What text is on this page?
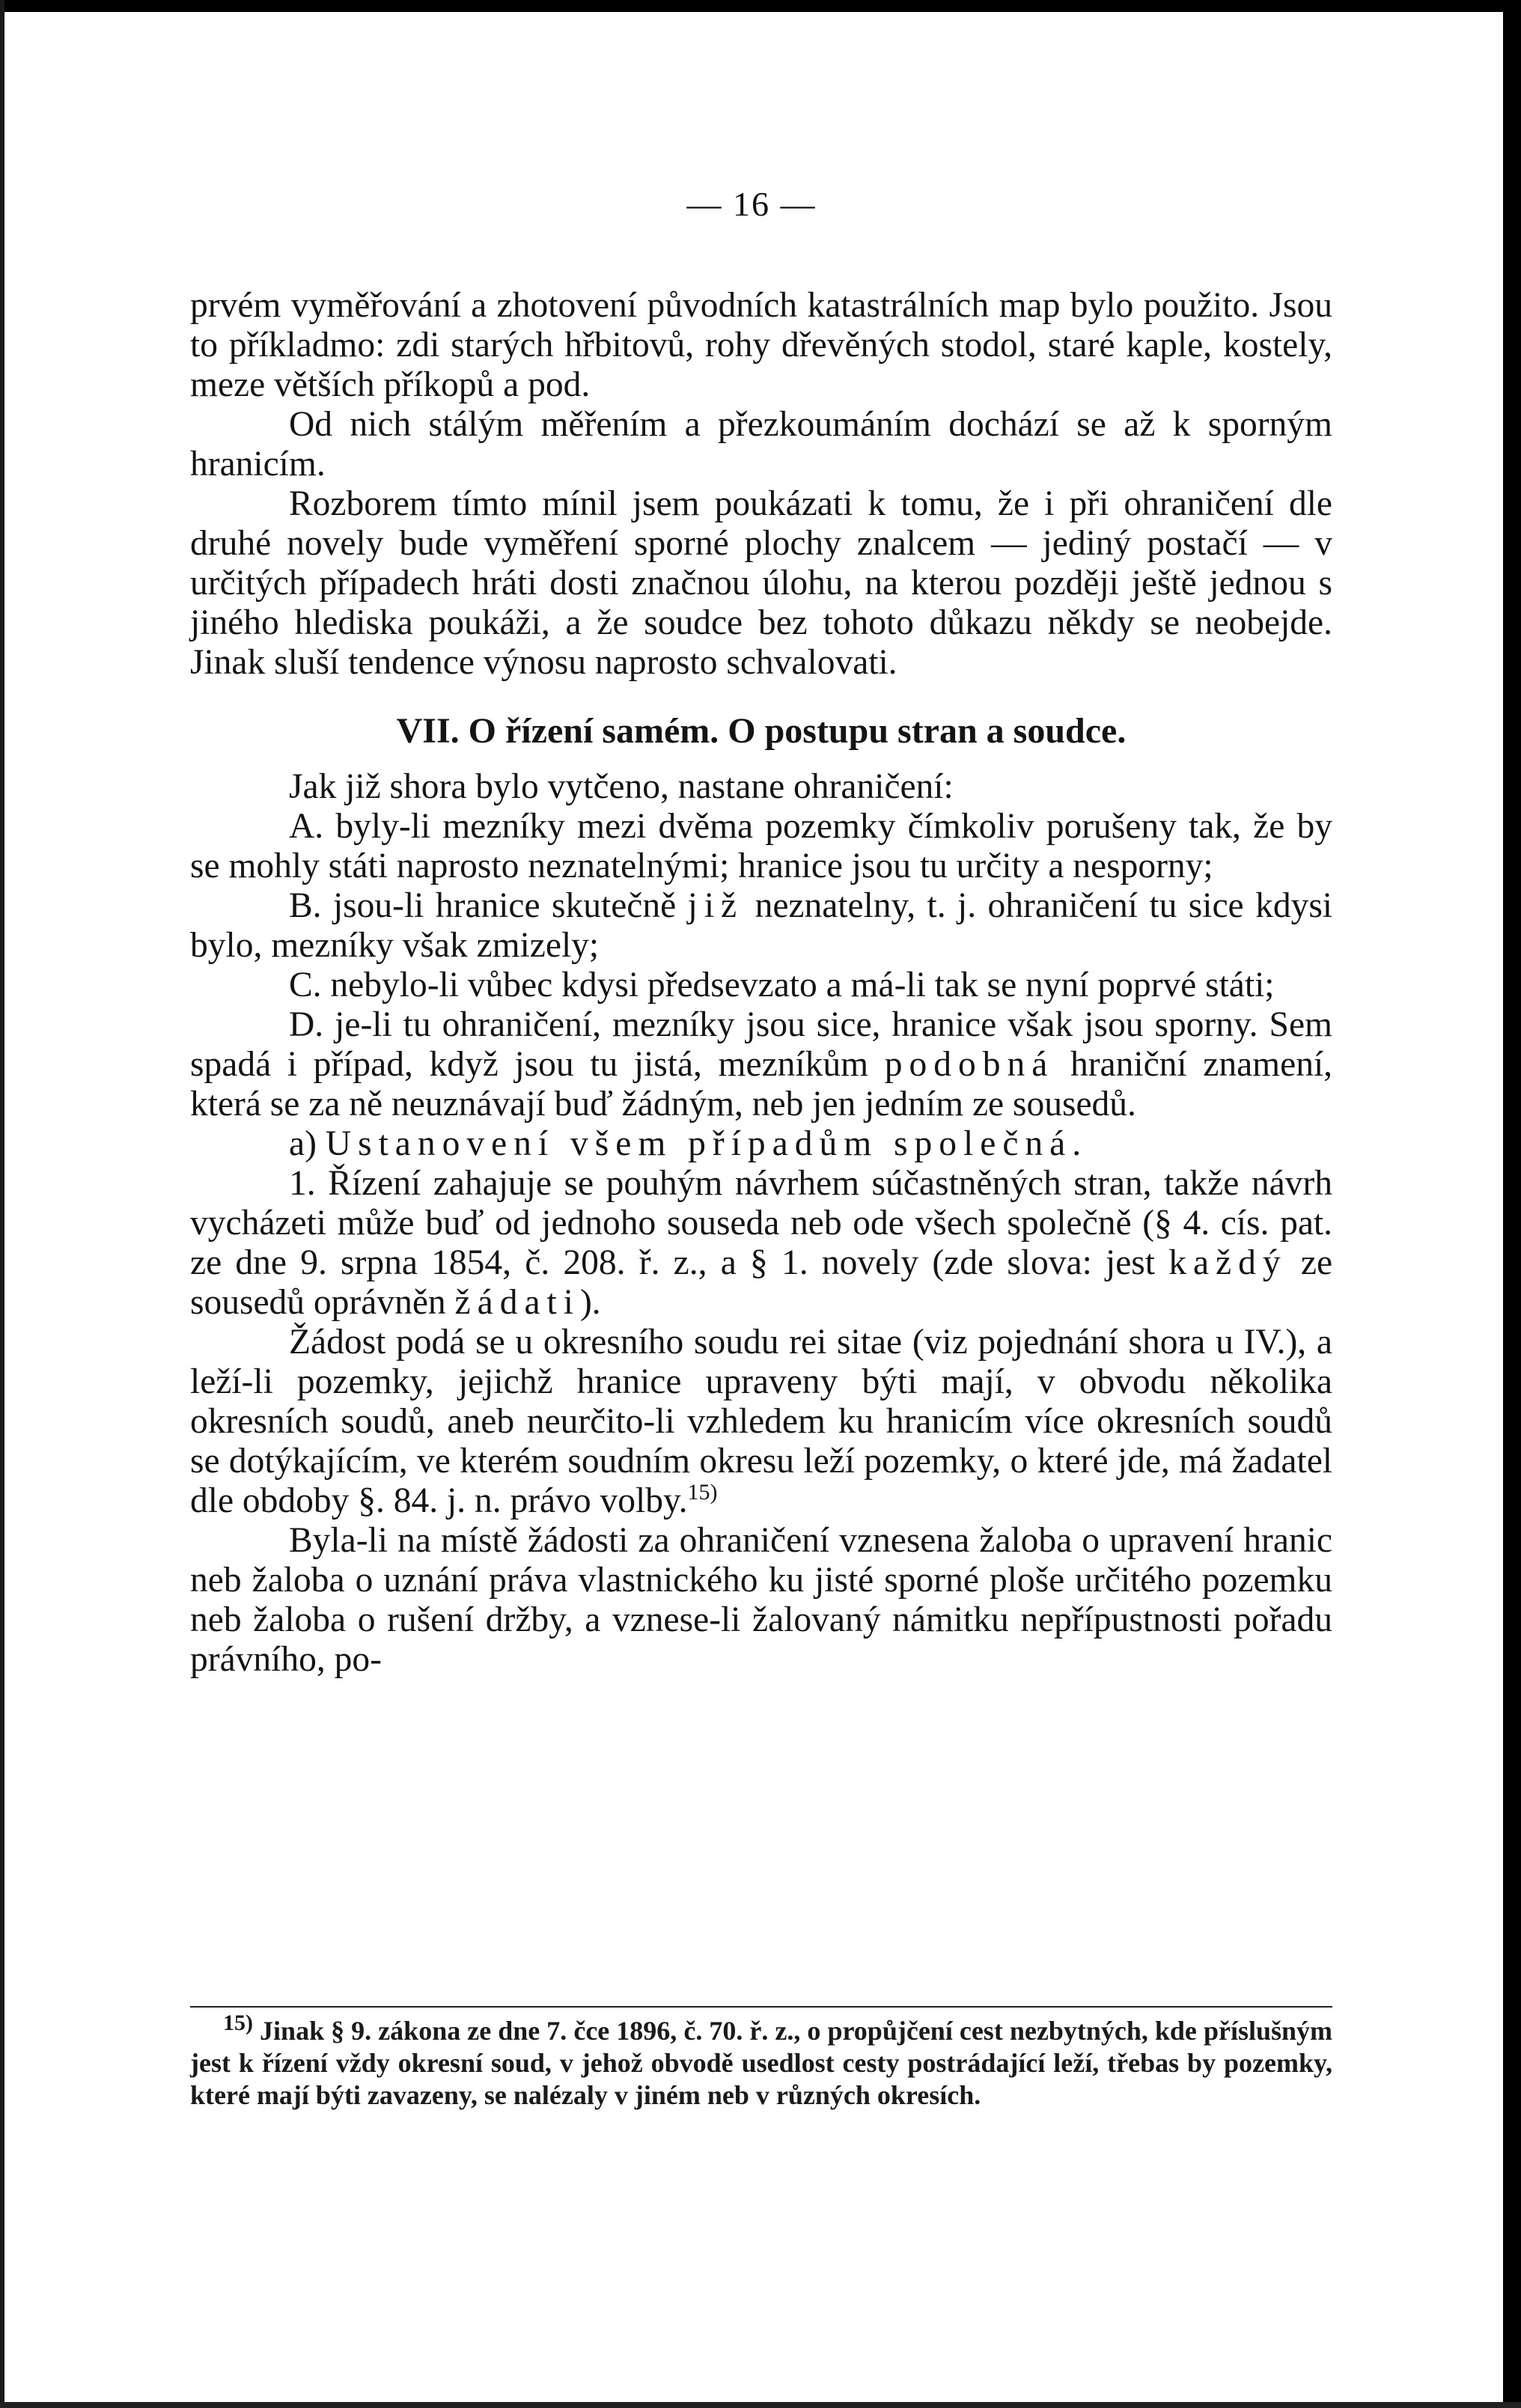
— 16 —

prvém vyměřování a zhotovení původních katastrálních map bylo použito. Jsou to příkladmo: zdi starých hřbitovů, rohy dřevěných stodol, staré kaple, kostely, meze větších příkopů a pod.

Od nich stálým měřením a přezkoumáním dochází se až k sporným hranicím.

Rozborem tímto mínil jsem poukázati k tomu, že i při ohraničení dle druhé novely bude vyměření sporné plochy znalcem — jediný postačí — v určitých případech hráti dosti značnou úlohu, na kterou později ještě jednou s jiného hlediska poukáži, a že soudce bez tohoto důkazu někdy se neobejde. Jinak sluší tendence výnosu naprosto schvalovati.

VII. O řízení samém. O postupu stran a soudce.

Jak již shora bylo vytčeno, nastane ohraničení:

A. byly-li mezníky mezi dvěma pozemky čímkoliv porušeny tak, že by se mohly státi naprosto neznatelnými; hranice jsou tu určity a nesporny;

B. jsou-li hranice skutečně již neznatelny, t. j. ohraničení tu sice kdysi bylo, mezníky však zmizely;

C. nebylo-li vůbec kdysi předsevzato a má-li tak se nyní poprvé státi;

D. je-li tu ohraničení, mezníky jsou sice, hranice však jsou sporny. Sem spadá i případ, když jsou tu jistá, mezníkům podobná hraniční znamení, která se za ně neuznávají buď žádným, neb jen jedním ze sousedů.

a) Ustanovení všem případům společná.

1. Řízení zahajuje se pouhým návrhem súčastněných stran, takže návrh vycházeti může buď od jednoho souseda neb ode všech společně (§ 4. cís. pat. ze dne 9. srpna 1854, č. 208. ř. z., a § 1. novely (zde slova: jest každý ze sousedů oprávněn žádati).

Žádost podá se u okresního soudu rei sitae (viz pojednání shora u IV.), a leží-li pozemky, jejichž hranice upraveny býti mají, v obvodu několika okresních soudů, aneb neurčito-li vzhledem ku hranicím více okresních soudů se dotýkajícím, ve kterém soudním okresu leží pozemky, o které jde, má žadatel dle obdoby §. 84. j. n. právo volby.$^{15)}$

Byla-li na místě žádosti za ohraničení vznesena žaloba o upravení hranic neb žaloba o uznání práva vlastnického ku jisté sporné ploše určitého pozemku neb žaloba o rušení držby, a vznese-li žalovaný námitku nepřípustnosti pořadu právního, po-

$^{15)}$ Jinak § 9. zákona ze dne 7. čce 1896, č. 70. ř. z., o propůjčení cest nezbytných, kde příslušným jest k řízení vždy okresní soud, v jehož obvodě usedlost cesty postrádající leží, třebas by pozemky, které mají býti zavazeny, se nalézaly v jiném neb v různých okresích.
